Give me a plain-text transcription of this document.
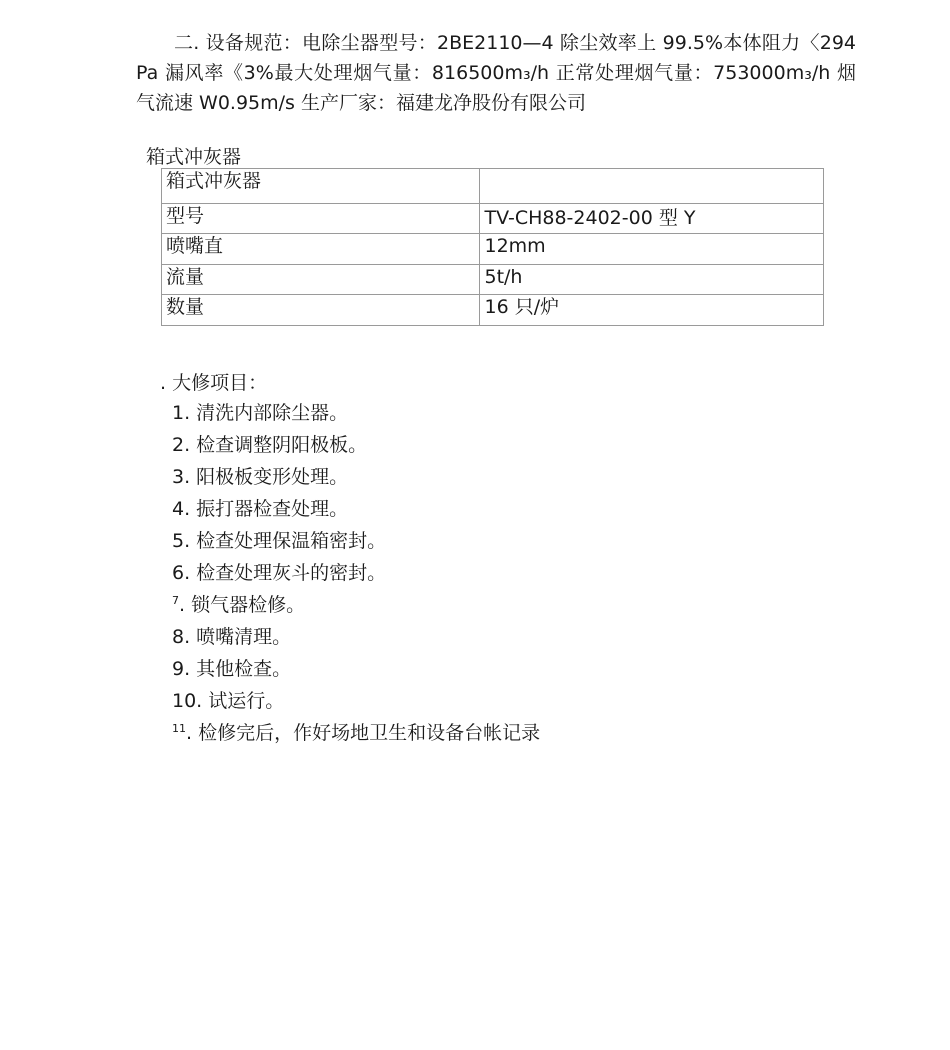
二. 设备规范：电除尘器型号：2BE2110—4 除尘效率上 99.5%本体阻力〈294Pa 漏风率《3%最大处理烟气量：816500m₃/h 正常处理烟气量：753000m₃/h 烟气流速 W0.95m/s 生产厂家：福建龙净股份有限公司

箱式冲灰器

箱式冲灰器	
型号	TV-CH88-2402-00 型 Y

喷嘴直	12mm
流量	5t/h
数量	16 只/炉

. 大修项目：

1. 清洗内部除尘器。
2. 检查调整阴阳极板。
3. 阳极板变形处理。
4. 振打器检查处理。
5. 检查处理保温箱密封。
6. 检查处理灰斗的密封。
7. 锁气器检修。
8. 喷嘴清理。
9. 其他检查。
10. 试运行。
11. 检修完后，作好场地卫生和设备台帐记录
